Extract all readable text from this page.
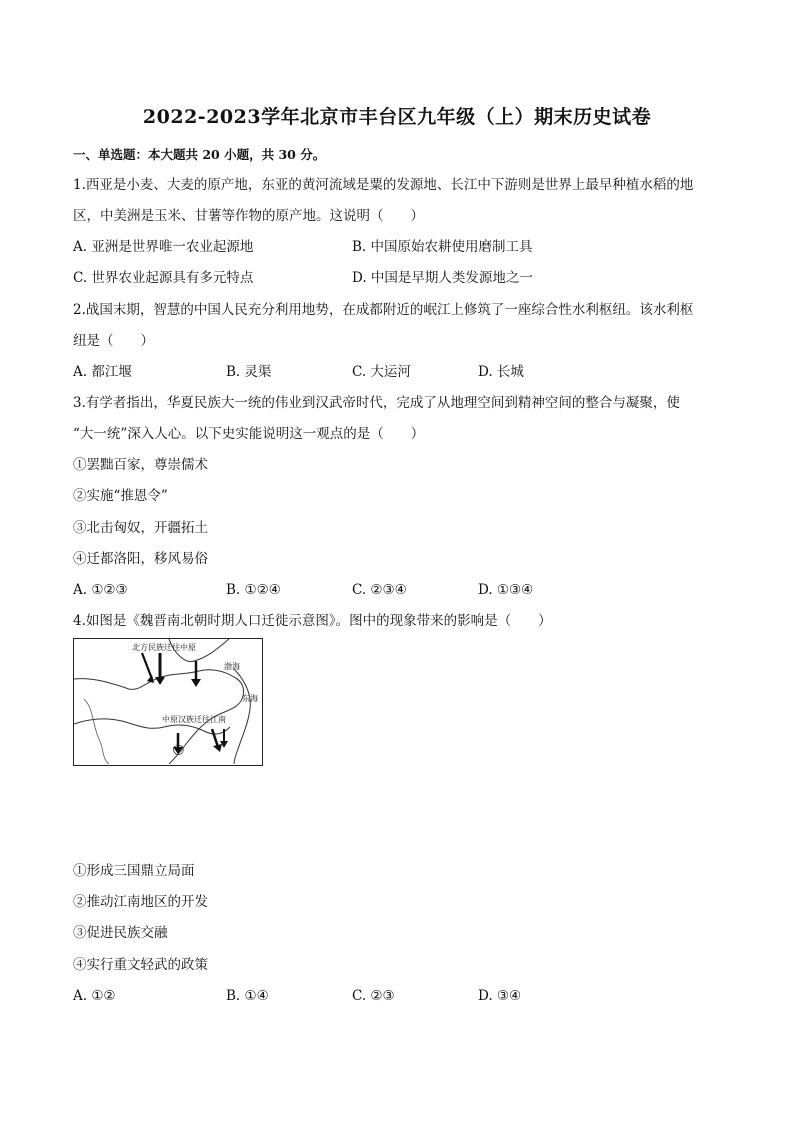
2022-2023学年北京市丰台区九年级（上）期末历史试卷
一、单选题：本大题共 20 小题，共 30 分。
1.西亚是小麦、大麦的原产地，东亚的黄河流域是粟的发源地、长江中下游则是世界上最早种植水稻的地
区，中美洲是玉米、甘薯等作物的原产地。这说明（　　）
A. 亚洲是世界唯一农业起源地	B. 中国原始农耕使用磨制工具
C. 世界农业起源具有多元特点	D. 中国是早期人类发源地之一
2.战国末期，智慧的中国人民充分利用地势，在成都附近的岷江上修筑了一座综合性水利枢纽。该水利枢
纽是（　　）
A. 都江堰	B. 灵渠	C. 大运河	D. 长城
3.有学者指出，华夏民族大一统的伟业到汉武帝时代，完成了从地理空间到精神空间的整合与凝聚，使
“大一统”深入人心。以下史实能说明这一观点的是（　　）
①罢黜百家，尊崇儒术
②实施“推恩令”
③北击匈奴，开疆拓土
④迁都洛阳，移风易俗
A. ①②③	B. ①②④	C. ②③④	D. ①③④
4.如图是《魏晋南北朝时期人口迁徙示意图》。图中的现象带来的影响是（　　）
北方民族迁往中原
中原汉族迁往江南
渤海
东海
①形成三国鼎立局面
②推动江南地区的开发
③促进民族交融
④实行重文轻武的政策
A. ①②	B. ①④	C. ②③	D. ③④
